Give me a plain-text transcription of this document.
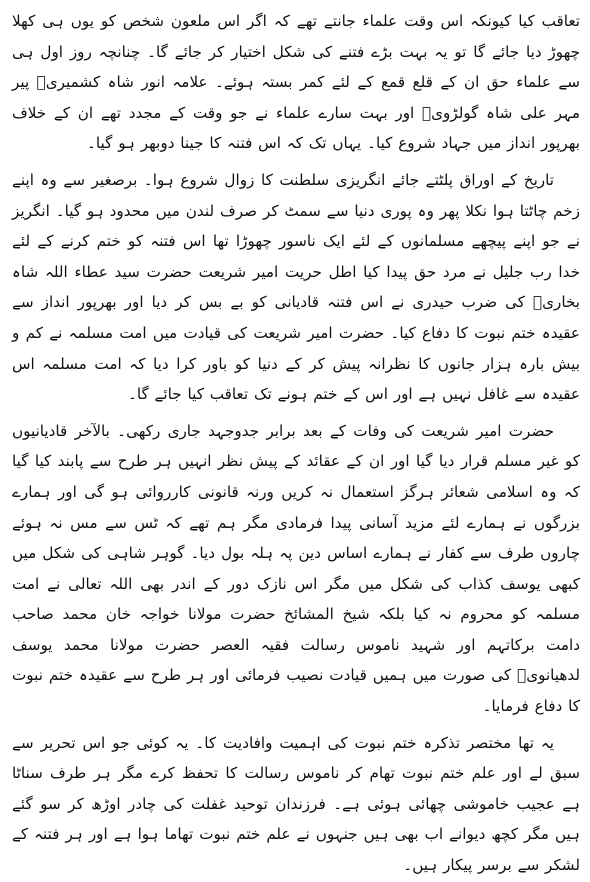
تعاقب کیا کیونکہ اس وقت علماء جانتے تھے کہ اگر اس ملعون شخص کو یوں ہی کھلا چھوڑ دیا جائے گا تو یہ بہت بڑے فتنے کی شکل اختیار کر جائے گا۔ چنانچہ روز اول ہی سے علماء حق ان کے قلع قمع کے لئے کمر بستہ ہوئے۔ علامہ انور شاہ کشمیریؒ پیر مہر علی شاہ گولڑویؒ اور بہت سارے علماء نے جو وقت کے مجدد تھے ان کے خلاف بھرپور انداز میں جہاد شروع کیا۔ یہاں تک کہ اس فتنہ کا جینا دوبھر ہو گیا۔

تاریخ کے اوراق پلٹتے جائے انگریزی سلطنت کا زوال شروع ہوا۔ برصغیر سے وہ اپنے زخم چاٹتا ہوا نکلا پھر وہ پوری دنیا سے سمٹ کر صرف لندن میں محدود ہو گیا۔ انگریز نے جو اپنے پیچھے مسلمانوں کے لئے ایک ناسور چھوڑا تھا اس فتنہ کو ختم کرنے کے لئے خدا رب جلیل نے مرد حق پیدا کیا اطل حریت امیر شریعت حضرت سید عطاء اللہ شاہ بخاریؒ کی ضرب حیدری نے اس فتنہ قادیانی کو بے بس کر دیا اور بھرپور انداز سے عقیدہ ختم نبوت کا دفاع کیا۔ حضرت امیر شریعت کی قیادت میں امت مسلمہ نے کم و بیش بارہ ہزار جانوں کا نظرانہ پیش کر کے دنیا کو باور کرا دیا کہ امت مسلمہ اس عقیدہ سے غافل نہیں ہے اور اس کے ختم ہونے تک تعاقب کیا جائے گا۔

حضرت امیر شریعت کی وفات کے بعد برابر جدوجہد جاری رکھی۔ بالآخر قادیانیوں کو غیر مسلم قرار دیا گیا اور ان کے عقائد کے پیش نظر انہیں ہر طرح سے پابند کیا گیا کہ وہ اسلامی شعائر ہرگز استعمال نہ کریں ورنہ قانونی کارروائی ہو گی اور ہمارے بزرگوں نے ہمارے لئے مزید آسانی پیدا فرمادی مگر ہم تھے کہ ٹس سے مس نہ ہوئے چاروں طرف سے کفار نے ہمارے اساس دین پہ ہلہ بول دیا۔ گوہر شاہی کی شکل میں کبھی یوسف کذاب کی شکل میں مگر اس نازک دور کے اندر بھی اللہ تعالی نے امت مسلمہ کو محروم نہ کیا بلکہ شیخ المشائخ حضرت مولانا خواجہ خان محمد صاحب دامت برکاتہم اور شہید ناموس رسالت فقیہ العصر حضرت مولانا محمد یوسف لدھیانویؒ کی صورت میں ہمیں قیادت نصیب فرمائی اور ہر طرح سے عقیدہ ختم نبوت کا دفاع فرمایا۔

یہ تھا مختصر تذکرہ ختم نبوت کی اہمیت وافادیت کا۔ یہ کوئی جو اس تحریر سے سبق لے اور علم ختم نبوت تھام کر ناموس رسالت کا تحفظ کرے مگر ہر طرف سناٹا ہے عجیب خاموشی چھائی ہوئی ہے۔ فرزندان توحید غفلت کی چادر اوڑھ کر سو گئے ہیں مگر کچھ دیوانے اب بھی ہیں جنہوں نے علم ختم نبوت تھاما ہوا ہے اور ہر فتنہ کے لشکر سے برسر پیکار ہیں۔
